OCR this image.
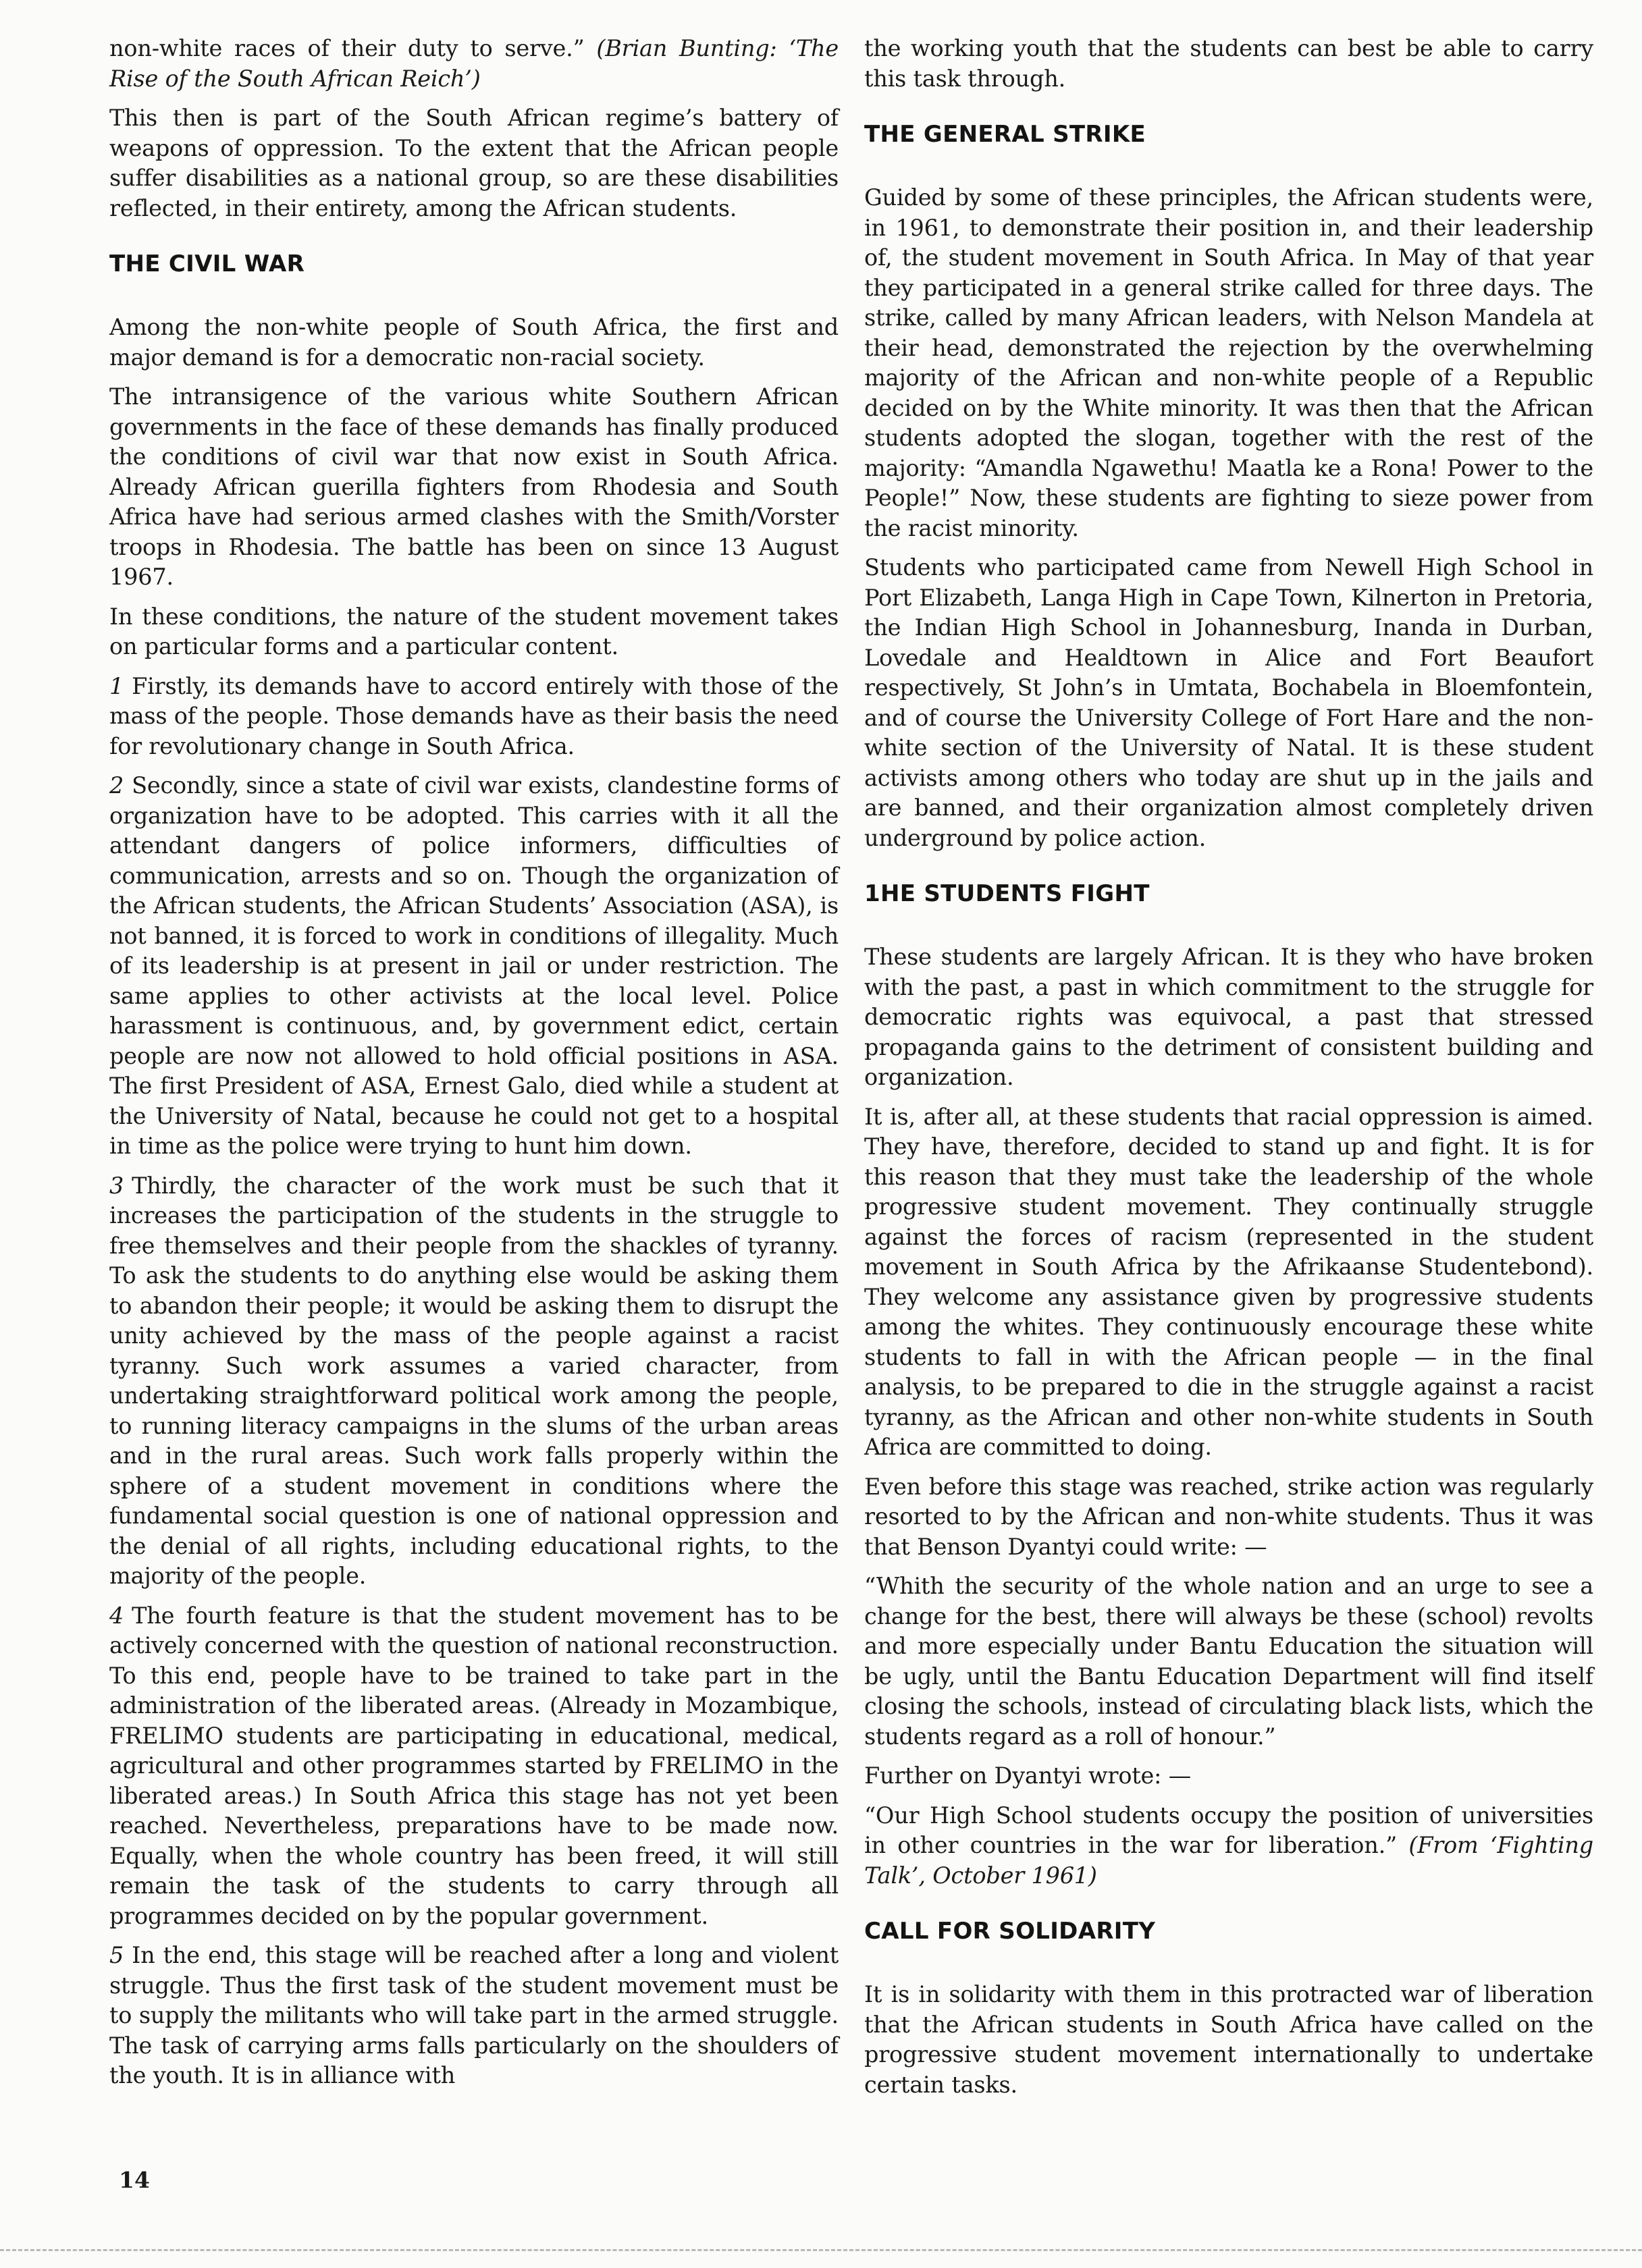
non-white races of their duty to serve.” (Brian Bunting: ‘The Rise of the South African Reich’)

This then is part of the South African regime’s battery of weapons of oppression. To the extent that the African people suffer disabilities as a national group, so are these disabilities reflected, in their entirety, among the African students.

THE CIVIL WAR

Among the non-white people of South Africa, the first and major demand is for a democratic non-racial society.

The intransigence of the various white Southern African governments in the face of these demands has finally produced the conditions of civil war that now exist in South Africa. Already African guerilla fighters from Rhodesia and South Africa have had serious armed clashes with the Smith/Vorster troops in Rhodesia. The battle has been on since 13 August 1967.

In these conditions, the nature of the student movement takes on particular forms and a particular content.

1 Firstly, its demands have to accord entirely with those of the mass of the people. Those demands have as their basis the need for revolutionary change in South Africa.

2 Secondly, since a state of civil war exists, clandestine forms of organization have to be adopted. This carries with it all the attendant dangers of police informers, difficulties of communication, arrests and so on. Though the organization of the African students, the African Students’ Association (ASA), is not banned, it is forced to work in conditions of illegality. Much of its leadership is at present in jail or under restriction. The same applies to other activists at the local level. Police harassment is continuous, and, by government edict, certain people are now not allowed to hold official positions in ASA. The first President of ASA, Ernest Galo, died while a student at the University of Natal, because he could not get to a hospital in time as the police were trying to hunt him down.

3 Thirdly, the character of the work must be such that it increases the participation of the students in the struggle to free themselves and their people from the shackles of tyranny. To ask the students to do anything else would be asking them to abandon their people; it would be asking them to disrupt the unity achieved by the mass of the people against a racist tyranny. Such work assumes a varied character, from undertaking straightforward political work among the people, to running literacy campaigns in the slums of the urban areas and in the rural areas. Such work falls properly within the sphere of a student movement in conditions where the fundamental social question is one of national oppression and the denial of all rights, including educational rights, to the majority of the people.

4 The fourth feature is that the student movement has to be actively concerned with the question of national reconstruction. To this end, people have to be trained to take part in the administration of the liberated areas. (Already in Mozambique, FRELIMO students are participating in educational, medical, agricultural and other programmes started by FRELIMO in the liberated areas.) In South Africa this stage has not yet been reached. Nevertheless, preparations have to be made now. Equally, when the whole country has been freed, it will still remain the task of the students to carry through all programmes decided on by the popular government.

5 In the end, this stage will be reached after a long and violent struggle. Thus the first task of the student movement must be to supply the militants who will take part in the armed struggle. The task of carrying arms falls particularly on the shoulders of the youth. It is in alliance with

the working youth that the students can best be able to carry this task through.

THE GENERAL STRIKE

Guided by some of these principles, the African students were, in 1961, to demonstrate their position in, and their leadership of, the student movement in South Africa. In May of that year they participated in a general strike called for three days. The strike, called by many African leaders, with Nelson Mandela at their head, demonstrated the rejection by the overwhelming majority of the African and non-white people of a Republic decided on by the White minority. It was then that the African students adopted the slogan, together with the rest of the majority: “Amandla Ngawethu! Maatla ke a Rona! Power to the People!” Now, these students are fighting to sieze power from the racist minority.

Students who participated came from Newell High School in Port Elizabeth, Langa High in Cape Town, Kilnerton in Pretoria, the Indian High School in Johannesburg, Inanda in Durban, Lovedale and Healdtown in Alice and Fort Beaufort respectively, St John’s in Umtata, Bochabela in Bloemfontein, and of course the University College of Fort Hare and the non-white section of the University of Natal. It is these student activists among others who today are shut up in the jails and are banned, and their organization almost completely driven underground by police action.

1HE STUDENTS FIGHT

These students are largely African. It is they who have broken with the past, a past in which commitment to the struggle for democratic rights was equivocal, a past that stressed propaganda gains to the detriment of consistent building and organization.

It is, after all, at these students that racial oppression is aimed. They have, therefore, decided to stand up and fight. It is for this reason that they must take the leadership of the whole progressive student movement. They continually struggle against the forces of racism (represented in the student movement in South Africa by the Afrikaanse Studentebond). They welcome any assistance given by progressive students among the whites. They continuously encourage these white students to fall in with the African people — in the final analysis, to be prepared to die in the struggle against a racist tyranny, as the African and other non-white students in South Africa are committed to doing.

Even before this stage was reached, strike action was regularly resorted to by the African and non-white students. Thus it was that Benson Dyantyi could write: —

“Whith the security of the whole nation and an urge to see a change for the best, there will always be these (school) revolts and more especially under Bantu Education the situation will be ugly, until the Bantu Education Department will find itself closing the schools, instead of circulating black lists, which the students regard as a roll of honour.”

Further on Dyantyi wrote: —

“Our High School students occupy the position of universities in other countries in the war for liberation.” (From ‘Fighting Talk’, October 1961)

CALL FOR SOLIDARITY

It is in solidarity with them in this protracted war of liberation that the African students in South Africa have called on the progressive student movement internationally to undertake certain tasks.

14
